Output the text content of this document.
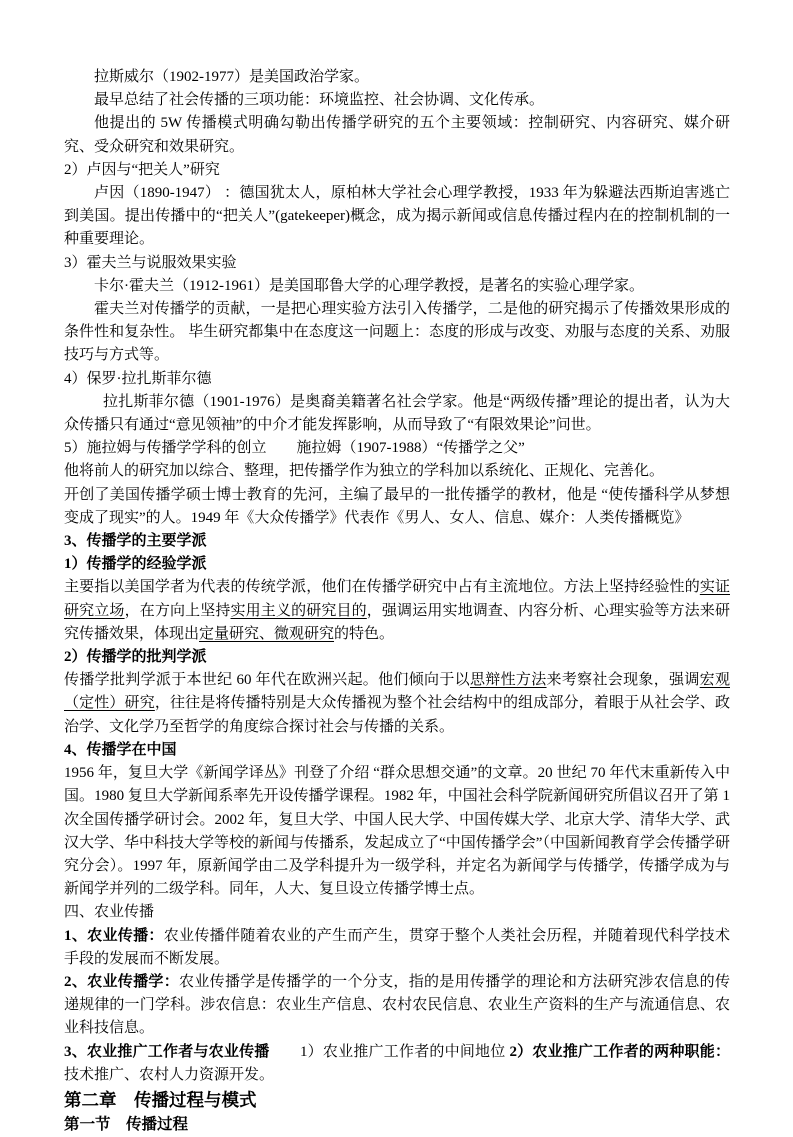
拉斯威尔（1902-1977）是美国政治学家。
最早总结了社会传播的三项功能：环境监控、社会协调、文化传承。
他提出的 5W 传播模式明确勾勒出传播学研究的五个主要领域：控制研究、内容研究、媒介研究、受众研究和效果研究。
2）卢因与“把关人”研究
卢因（1890-1947） ：德国犹太人，原柏林大学社会心理学教授，1933 年为躲避法西斯迫害逃亡到美国。提出传播中的“把关人”(gatekeeper)概念，成为揭示新闻或信息传播过程内在的控制机制的一种重要理论。
3）霍夫兰与说服效果实验
卡尔·霍夫兰（1912-1961）是美国耶鲁大学的心理学教授，是著名的实验心理学家。
霍夫兰对传播学的贡献，一是把心理实验方法引入传播学，二是他的研究揭示了传播效果形成的条件性和复杂性。 毕生研究都集中在态度这一问题上：态度的形成与改变、劝服与态度的关系、劝服技巧与方式等。
4）保罗·拉扎斯菲尔德
拉扎斯菲尔德（1901-1976）是奥裔美籍著名社会学家。他是“两级传播”理论的提出者，认为大众传播只有通过“意见领袖”的中介才能发挥影响，从而导致了“有限效果论”问世。
5）施拉姆与传播学学科的创立　　施拉姆（1907-1988）“传播学之父”
他将前人的研究加以综合、整理，把传播学作为独立的学科加以系统化、正规化、完善化。
开创了美国传播学硕士博士教育的先河，主编了最早的一批传播学的教材，他是 “使传播科学从梦想变成了现实”的人。1949 年《大众传播学》代表作《男人、女人、信息、媒介：人类传播概览》
3、传播学的主要学派
1）传播学的经验学派
主要指以美国学者为代表的传统学派，他们在传播学研究中占有主流地位。方法上坚持经验性的实证研究立场，在方向上坚持实用主义的研究目的，强调运用实地调查、内容分析、心理实验等方法来研究传播效果，体现出定量研究、微观研究的特色。
2）传播学的批判学派
传播学批判学派于本世纪 60 年代在欧洲兴起。他们倾向于以思辩性方法来考察社会现象，强调宏观（定性）研究，往往是将传播特别是大众传播视为整个社会结构中的组成部分，着眼于从社会学、政治学、文化学乃至哲学的角度综合探讨社会与传播的关系。
4、传播学在中国
1956 年，复旦大学《新闻学译丛》刊登了介绍 “群众思想交通”的文章。20 世纪 70 年代末重新传入中国。1980 复旦大学新闻系率先开设传播学课程。1982 年，中国社会科学院新闻研究所倡议召开了第 1 次全国传播学研讨会。2002 年，复旦大学、中国人民大学、中国传媒大学、北京大学、清华大学、武汉大学、华中科技大学等校的新闻与传播系，发起成立了“中国传播学会”（中国新闻教育学会传播学研究分会）。1997 年，原新闻学由二及学科提升为一级学科，并定名为新闻学与传播学，传播学成为与新闻学并列的二级学科。同年，人大、复旦设立传播学博士点。
四、农业传播
1、农业传播：农业传播伴随着农业的产生而产生，贯穿于整个人类社会历程，并随着现代科学技术手段的发展而不断发展。
2、农业传播学：农业传播学是传播学的一个分支，指的是用传播学的理论和方法研究涉农信息的传递规律的一门学科。涉农信息：农业生产信息、农村农民信息、农业生产资料的生产与流通信息、农业科技信息。
3、农业推广工作者与农业传播　　1）农业推广工作者的中间地位 2）农业推广工作者的两种职能：技术推广、农村人力资源开发。
第二章　传播过程与模式
第一节　传播过程
